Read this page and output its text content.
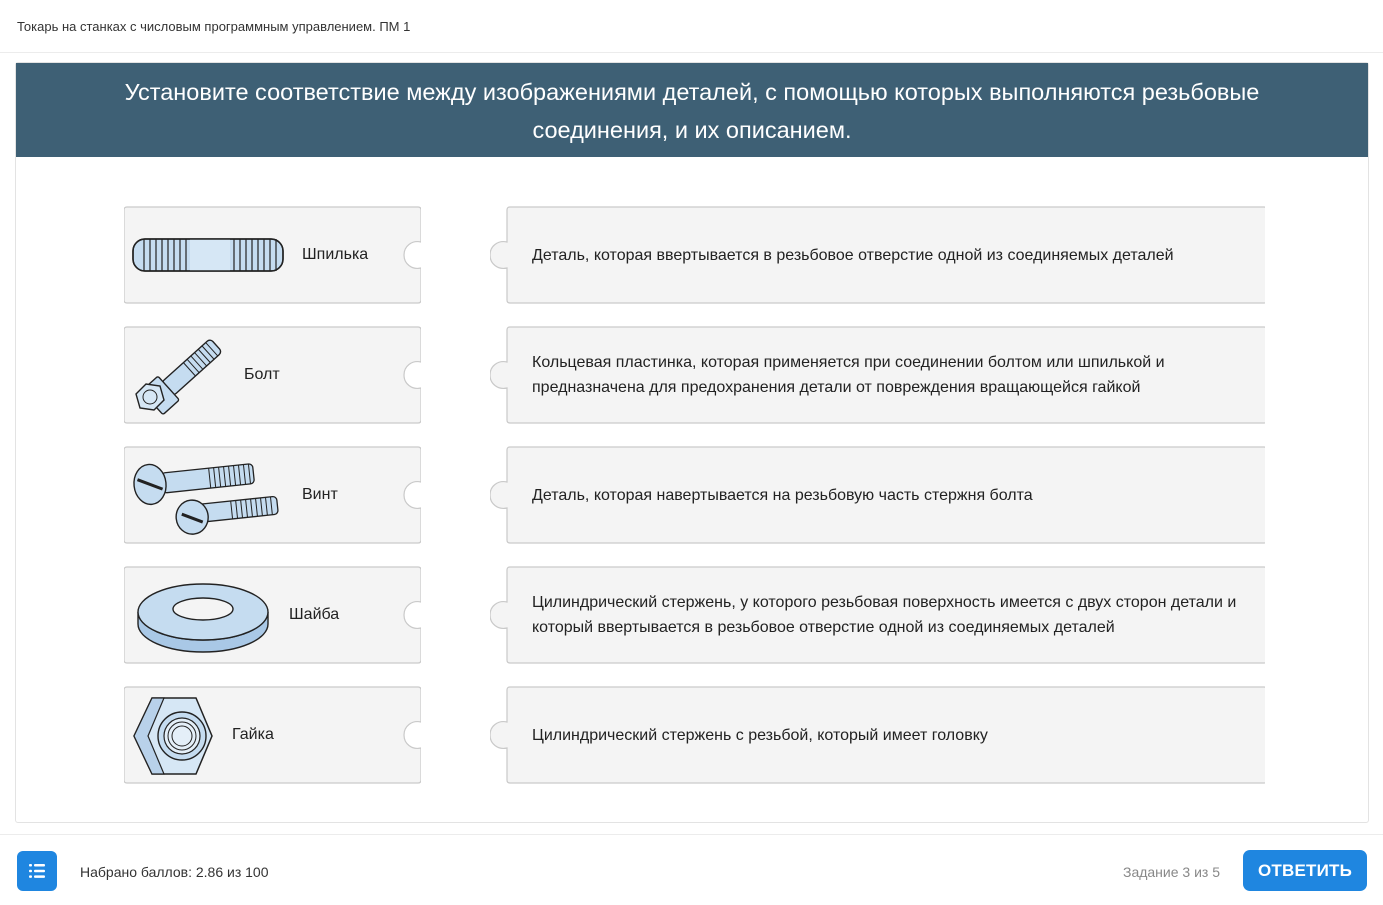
Токарь на станках с числовым программным управлением. ПМ 1
Установите соответствие между изображениями деталей, с помощью которых выполняются резьбовые соединения, и их описанием.
Шпилька
Болт
Винт
Шайба
Гайка
Деталь, которая ввертывается в резьбовое отверстие одной из соединяемых деталей
Кольцевая пластинка, которая применяется при соединении болтом или шпилькой и предназначена для предохранения детали от повреждения вращающейся гайкой
Деталь, которая навертывается на резьбовую часть стержня болта
Цилиндрический стержень, у которого резьбовая поверхность имеется с двух сторон детали и который ввертывается в резьбовое отверстие одной из соединяемых деталей
Цилиндрический стержень с резьбой, который имеет головку
Набрано баллов: 2.86 из 100	Задание 3 из 5	ОТВЕТИТЬ
